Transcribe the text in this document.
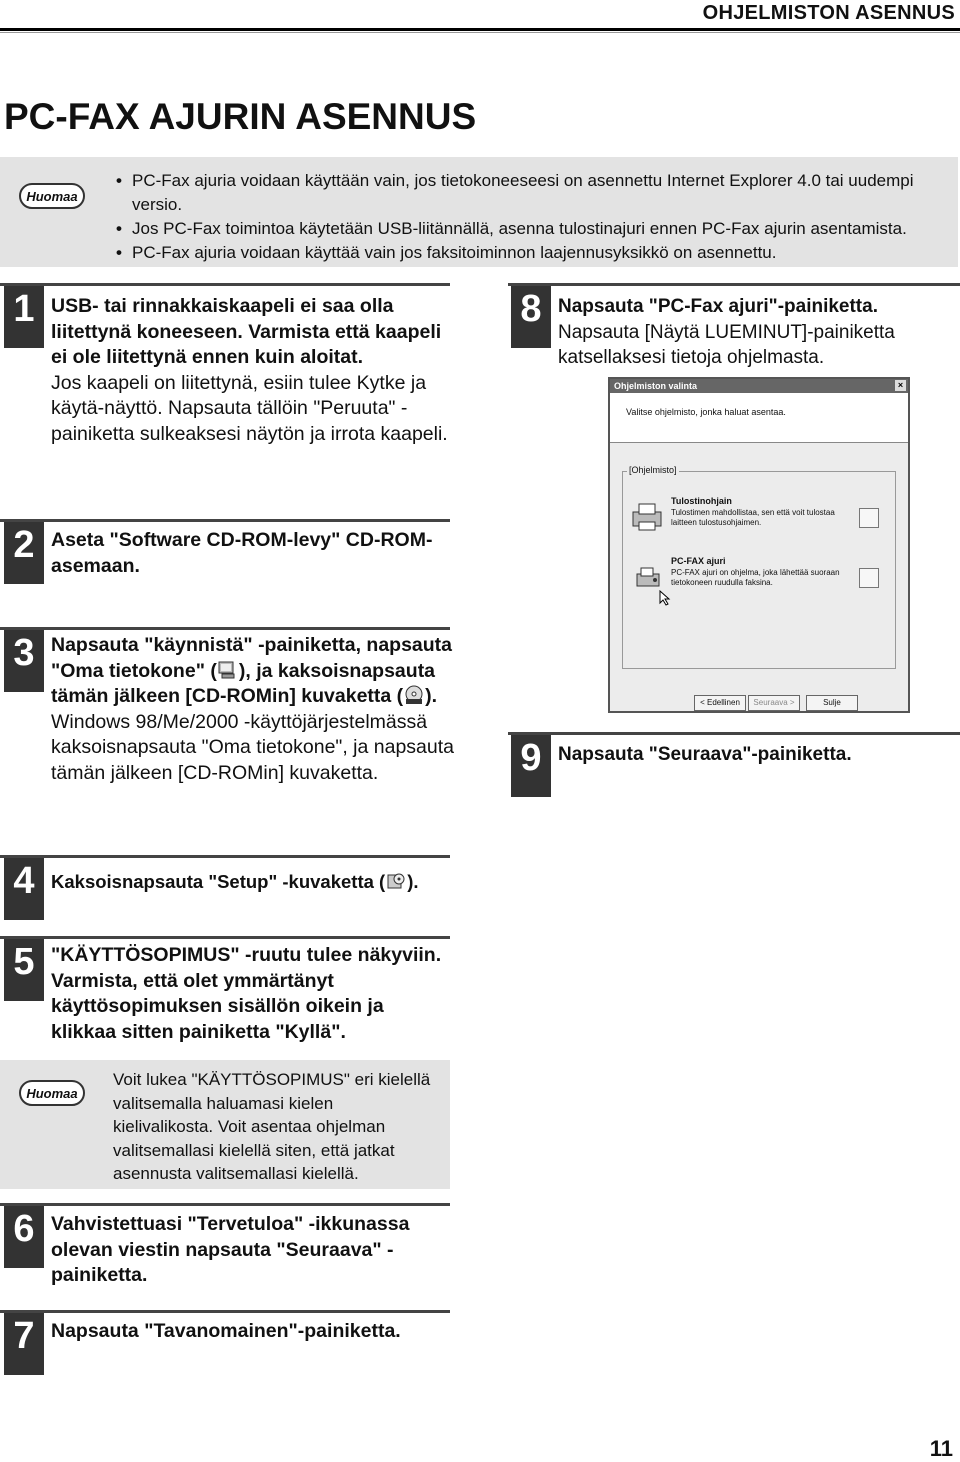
OHJELMISTON ASENNUS
PC-FAX AJURIN ASENNUS
Huomaa
• PC-Fax ajuria voidaan käyttään vain, jos tietokoneeseesi on asennettu Internet Explorer 4.0 tai uudempi versio.
• Jos PC-Fax toimintoa käytetään USB-liitännällä, asenna tulostinajuri ennen PC-Fax ajurin asentamista.
• PC-Fax ajuria voidaan käyttää vain jos faksitoiminnon laajennusyksikkö on asennettu.
1 USB- tai rinnakkaiskaapeli ei saa olla liitettynä koneeseen. Varmista että kaapeli ei ole liitettynä ennen kuin aloitat.
Jos kaapeli on liitettynä, esiin tulee Kytke ja käytä-näyttö. Napsauta tällöin "Peruuta" -painiketta sulkeaksesi näytön ja irrota kaapeli.
2 Aseta "Software CD-ROM-levy" CD-ROM-asemaan.
3 Napsauta "käynnistä" -painiketta, napsauta "Oma tietokone" ( ), ja kaksoisnapsauta tämän jälkeen [CD-ROMin] kuvaketta ( ).
Windows 98/Me/2000 -käyttöjärjestelmässä kaksoisnapsauta "Oma tietokone", ja napsauta tämän jälkeen [CD-ROMin] kuvaketta.
4 Kaksoisnapsauta "Setup" -kuvaketta ( ).
5 "KÄYTTÖSOPIMUS" -ruutu tulee näkyviin. Varmista, että olet ymmärtänyt käyttösopimuksen sisällön oikein ja klikkaa sitten painiketta "Kyllä".
Huomaa
Voit lukea "KÄYTTÖSOPIMUS" eri kielellä valitsemalla haluamasi kielen kielivalikosta. Voit asentaa ohjelman valitsemallasi kielellä siten, että jatkat asennusta valitsemallasi kielellä.
6 Vahvistettuasi "Tervetuloa" -ikkunassa olevan viestin napsauta "Seuraava" -painiketta.
7 Napsauta "Tavanomainen"-painiketta.
8 Napsauta "PC-Fax ajuri"-painiketta.
Napsauta [Näytä LUEMINUT]-painiketta katsellaksesi tietoja ohjelmasta.
Ohjelmiston valinta	×
Valitse ohjelmisto, jonka haluat asentaa.
[Ohjelmisto]
Tulostinohjain
Tulostimen mahdollistaa, sen että voit tulostaa laitteen tulostusohjaimen.
PC-FAX ajuri
PC-FAX ajuri on ohjelma, joka lähettää suoraan tietokoneen ruudulla faksina.
< Edellinen	Seuraava >	Sulje
9 Napsauta "Seuraava"-painiketta.
11
